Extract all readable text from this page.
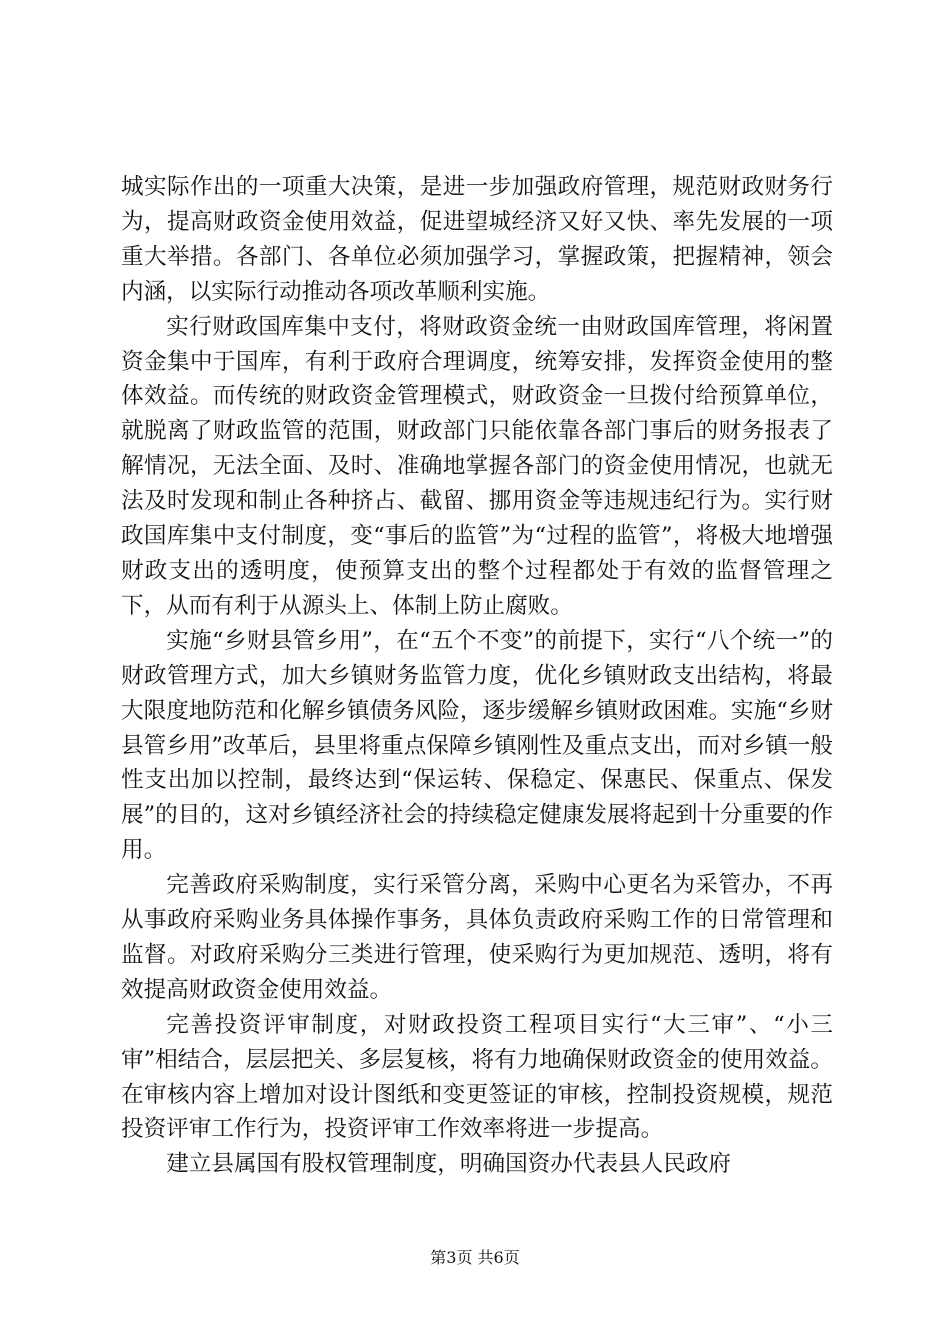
城实际作出的一项重大决策，是进一步加强政府管理，规范财政财务行为，提高财政资金使用效益，促进望城经济又好又快、率先发展的一项重大举措。各部门、各单位必须加强学习，掌握政策，把握精神，领会内涵，以实际行动推动各项改革顺利实施。

实行财政国库集中支付，将财政资金统一由财政国库管理，将闲置资金集中于国库，有利于政府合理调度，统筹安排，发挥资金使用的整体效益。而传统的财政资金管理模式，财政资金一旦拨付给预算单位，就脱离了财政监管的范围，财政部门只能依靠各部门事后的财务报表了解情况，无法全面、及时、准确地掌握各部门的资金使用情况，也就无法及时发现和制止各种挤占、截留、挪用资金等违规违纪行为。实行财政国库集中支付制度，变“事后的监管”为“过程的监管”，将极大地增强财政支出的透明度，使预算支出的整个过程都处于有效的监督管理之下，从而有利于从源头上、体制上防止腐败。

实施“乡财县管乡用”，在“五个不变”的前提下，实行“八个统一”的财政管理方式，加大乡镇财务监管力度，优化乡镇财政支出结构，将最大限度地防范和化解乡镇债务风险，逐步缓解乡镇财政困难。实施“乡财县管乡用”改革后，县里将重点保障乡镇刚性及重点支出，而对乡镇一般性支出加以控制，最终达到“保运转、保稳定、保惠民、保重点、保发展”的目的，这对乡镇经济社会的持续稳定健康发展将起到十分重要的作用。

完善政府采购制度，实行采管分离，采购中心更名为采管办，不再从事政府采购业务具体操作事务，具体负责政府采购工作的日常管理和监督。对政府采购分三类进行管理，使采购行为更加规范、透明，将有效提高财政资金使用效益。

完善投资评审制度，对财政投资工程项目实行“大三审”、“小三审”相结合，层层把关、多层复核，将有力地确保财政资金的使用效益。在审核内容上增加对设计图纸和变更签证的审核，控制投资规模，规范投资评审工作行为，投资评审工作效率将进一步提高。

建立县属国有股权管理制度，明确国资办代表县人民政府

第3页 共6页
